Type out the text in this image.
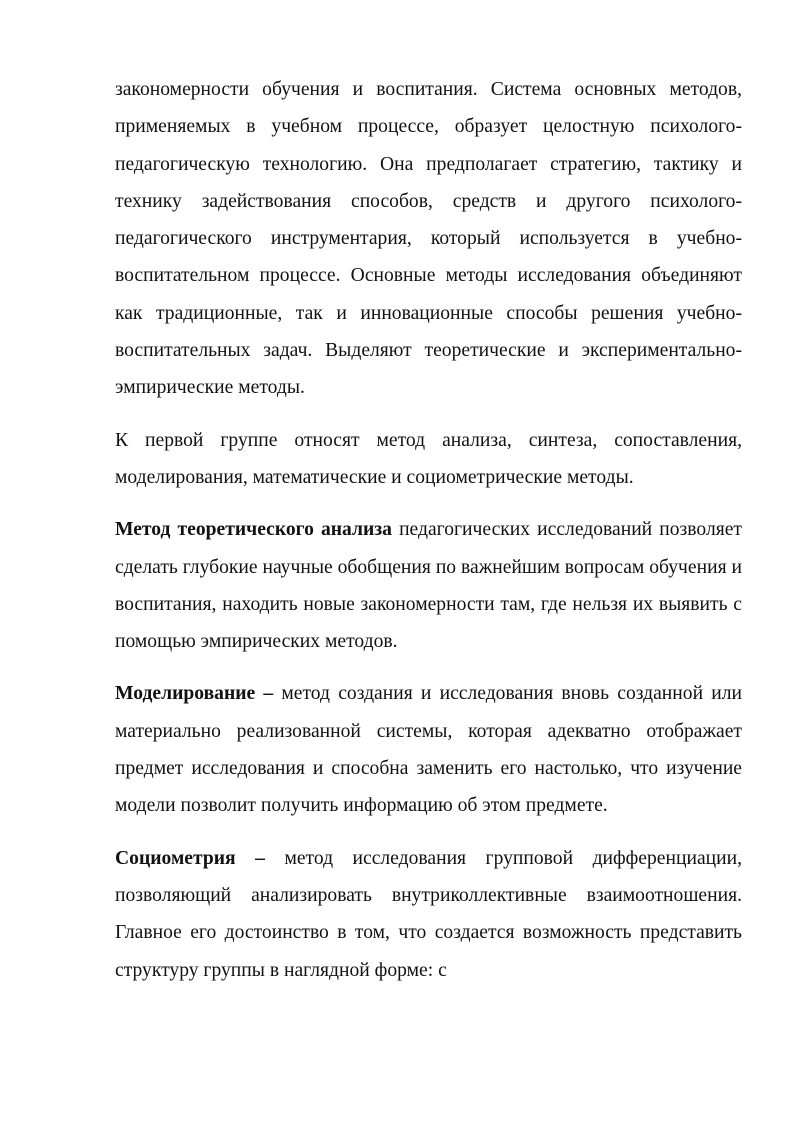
закономерности обучения и воспитания. Система основных методов, применяемых в учебном процессе, образует целостную психолого-педагогическую технологию. Она предполагает стратегию, тактику и технику задействования способов, средств и другого психолого-педагогического инструментария, который используется в учебно-воспитательном процессе. Основные методы исследования объединяют как традиционные, так и инновационные способы решения учебно-воспитательных задач. Выделяют теоретические и экспериментально-эмпирические методы.

К первой группе относят метод анализа, синтеза, сопоставления, моделирования, математические и социометрические методы.

Метод теоретического анализа педагогических исследований позволяет сделать глубокие научные обобщения по важнейшим вопросам обучения и воспитания, находить новые закономерности там, где нельзя их выявить с помощью эмпирических методов.

Моделирование – метод создания и исследования вновь созданной или материально реализованной системы, которая адекватно отображает предмет исследования и способна заменить его настолько, что изучение модели позволит получить информацию об этом предмете.

Социометрия – метод исследования групповой дифференциации, позволяющий анализировать внутриколлективные взаимоотношения. Главное его достоинство в том, что создается возможность представить структуру группы в наглядной форме: с
